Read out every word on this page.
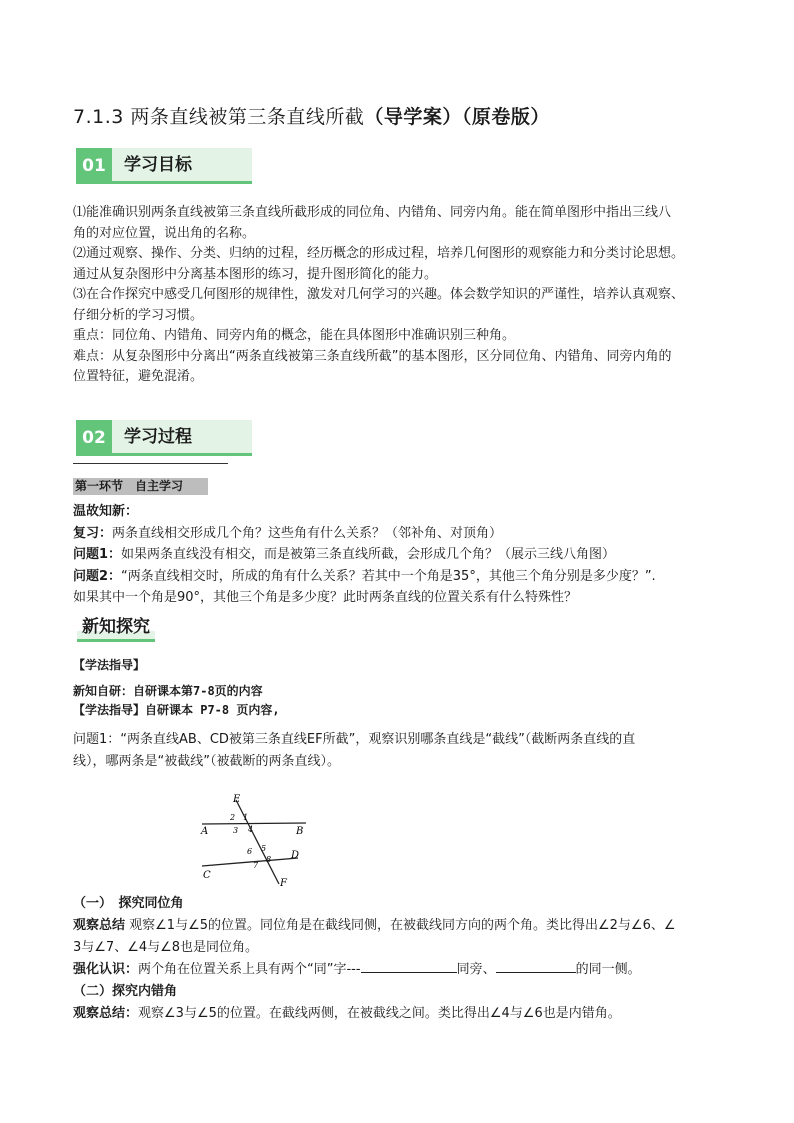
7.1.3 两条直线被第三条直线所截（导学案）（原卷版）
01	学习目标
⑴能准确识别两条直线被第三条直线所截形成的同位角、内错角、同旁内角。能在简单图形中指出三线八
角的对应位置，说出角的名称。
⑵通过观察、操作、分类、归纳的过程，经历概念的形成过程，培养几何图形的观察能力和分类讨论思想。
通过从复杂图形中分离基本图形的练习，提升图形简化的能力。
⑶在合作探究中感受几何图形的规律性，激发对几何学习的兴趣。体会数学知识的严谨性，培养认真观察、
仔细分析的学习习惯。
重点：同位角、内错角、同旁内角的概念，能在具体图形中准确识别三种角。
难点：从复杂图形中分离出“两条直线被第三条直线所截”的基本图形，区分同位角、内错角、同旁内角的
位置特征，避免混淆。
02	学习过程
第一环节　自主学习
温故知新：
复习：两条直线相交形成几个角？这些角有什么关系？（邻补角、对顶角）
问题1：如果两条直线没有相交，而是被第三条直线所截，会形成几个角？（展示三线八角图）
问题2：“两条直线相交时，所成的角有什么关系？若其中一个角是35°，其他三个角分别是多少度？”.
如果其中一个角是90°，其他三个角是多少度？此时两条直线的位置关系有什么特殊性？
新知探究
【学法指导】
新知自研：自研课本第7-8页的内容
【学法指导】自研课本 P7-8 页内容,
问题1：“两条直线AB、CD被第三条直线EF所截”，观察识别哪条直线是“截线”（截断两条直线的直
线），哪两条是“被截线”（被截断的两条直线）。
E
A	B
C
D
F
1
2
3 4
5
6
7
8
（一）　探究同位角
观察总结 观察∠1与∠5的位置。同位角是在截线同侧，在被截线同方向的两个角。类比得出∠2与∠6、∠
3与∠7、∠4与∠8也是同位角。
强化认识：两个角在位置关系上具有两个“同”字---	同旁、	的同一侧。
（二）探究内错角
观察总结：观察∠3与∠5的位置。在截线两侧，在被截线之间。类比得出∠4与∠6也是内错角。
